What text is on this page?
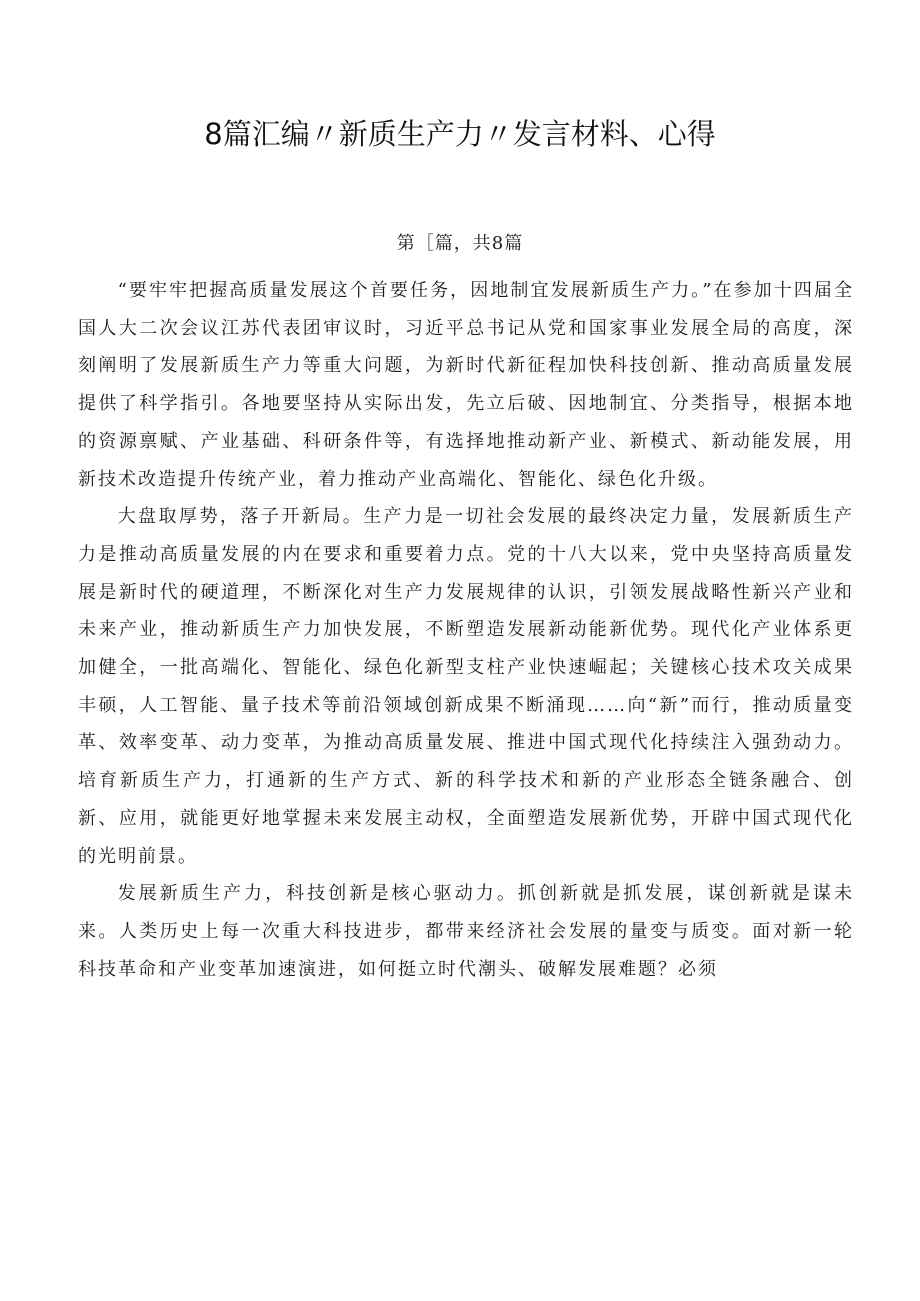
8篇汇编〃新质生产力〃发言材料、心得
第［篇，共8篇

“要牢牢把握高质量发展这个首要任务，因地制宜发展新质生产力。”在参加十四届全国人大二次会议江苏代表团审议时，习近平总书记从党和国家事业发展全局的高度，深刻阐明了发展新质生产力等重大问题，为新时代新征程加快科技创新、推动高质量发展提供了科学指引。各地要坚持从实际出发，先立后破、因地制宜、分类指导，根据本地的资源禀赋、产业基础、科研条件等，有选择地推动新产业、新模式、新动能发展，用新技术改造提升传统产业，着力推动产业高端化、智能化、绿色化升级。

大盘取厚势，落子开新局。生产力是一切社会发展的最终决定力量，发展新质生产力是推动高质量发展的内在要求和重要着力点。党的十八大以来，党中央坚持高质量发展是新时代的硬道理，不断深化对生产力发展规律的认识，引领发展战略性新兴产业和未来产业，推动新质生产力加快发展，不断塑造发展新动能新优势。现代化产业体系更加健全，一批高端化、智能化、绿色化新型支柱产业快速崛起；关键核心技术攻关成果丰硕，人工智能、量子技术等前沿领域创新成果不断涌现……向“新”而行，推动质量变革、效率变革、动力变革，为推动高质量发展、推进中国式现代化持续注入强劲动力。培育新质生产力，打通新的生产方式、新的科学技术和新的产业形态全链条融合、创新、应用，就能更好地掌握未来发展主动权，全面塑造发展新优势，开辟中国式现代化的光明前景。

发展新质生产力，科技创新是核心驱动力。抓创新就是抓发展，谋创新就是谋未来。人类历史上每一次重大科技进步，都带来经济社会发展的量变与质变。面对新一轮科技革命和产业变革加速演进，如何挺立时代潮头、破解发展难题？必须
